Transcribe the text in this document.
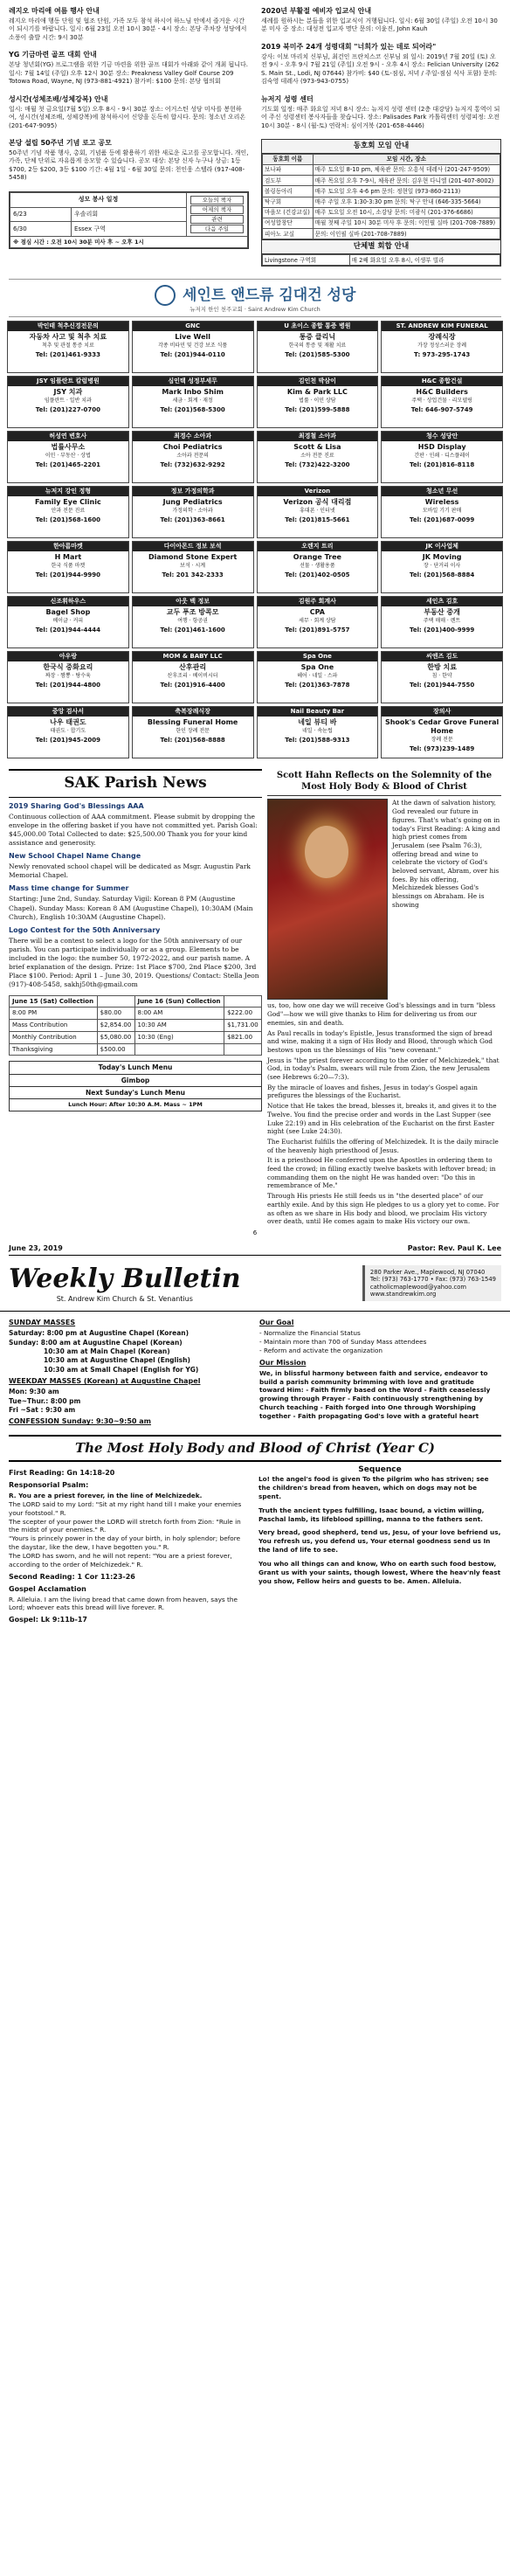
레지오 마리애 여름 행사 안내

레지오 마리애 행동 단원 및 협조 단원, 가족 모두 참석 하시어 하느님 안에서 즐거운 시간이 되시기를 바랍니다. 일시: 6월 23일 오전 10시 30분 - 4시 장소: 본당 주차장 성당에서 소풍이 출발 시간: 9시 30분

YG 기금마련 골프 대회 안내

본당 청년회(YG) 프로그램을 위한 기금 마련을 위한 골프 대회가 아래와 같이 개최 됩니다. 일시: 7월 14일 (주일) 오후 12시 30분 장소: Preakness Valley Golf Course 209 Totowa Road, Wayne, NJ (973-881-4921) 참가비: $100 문의: 본당 협의회

성시간(성체조배/성체강복) 안내

일시: 매월 첫 금요일(7월 5일) 오후 8시 - 9시 30분 장소: 어거스틴 성당 미사를 봉헌하여, 성시간(성체조배, 성체강복)에 참석하시어 신앙을 돈독히 합시다. 문의: 청소년 오리온 (201-647-9095)

본당 설립 50주년 기념 로고 공모

50주년 기념 작품 행사, 총회, 기념품 등에 활용하기 위한 새로운 로고를 공모합니다. 개인, 가족, 단체 단위로 자유롭게 응모할 수 있습니다. 공모 대상: 본당 신자 누구나 상금: 1등 $700, 2등 $200, 3등 $100 기간: 4월 1일 - 6월 30일 문의: 천인웅 스텔라 (917-408-5458)

성모 봉사 일정		오늘의 책자
어제의 책자
관련
다음 주일

6/23	우솔리회	
6/30	Essex 구역	
※ 점심 시간 : 오전 10시 30분 미사 후 ~ 오후 1시		
2020년 부활절 예비자 입교식 안내

세례를 원하시는 분들을 위한 입교식이 거행됩니다. 일시: 6월 30일 (주일) 오전 10시 30분 미사 중 장소: 대성전 입교자 명단 문의: 이윤진, John Kauh

2019 북미주 24개 성령대회 "너희가 있는 데로 되어라"

강사: 이보 마리치 신부님, 최건인 프란치스코 신부님 외 일시: 2019년 7월 20일 (토) 오전 9시 - 오후 9시 7월 21일 (주일) 오전 9시 - 오후 4시 장소: Felician University (262 S. Main St., Lodi, NJ 07644) 참가비: $40 (토-점심, 저녁 / 주일-점심 식사 포함) 문의: 김숙영 데레사 (973-943-0755)

뉴저지 성령 센터

기도회 일정: 매주 화요일 저녁 8시 장소: 뉴저지 성령 센터 (2층 대강당) 뉴저지 통역이 되어 주신 성령센터 봉사자들을 찾습니다. 장소: Palisades Park 카톨릭센터 성령피정: 오전 10시 30분 - 8시 (월-토) 연락처: 심이거북 (201-658-4446)

동호회 모임 안내
동호회 이름	모임 시간, 장소
보나파	매주 토요일 8-10 pm, 체육관 문의: 오흥석 데레사 (201-247-9509)
검도부	매주 목요일 오후 7-9시, 체육관 문의: 김우현 다니엘 (201-407-8002)
볼링동아리	매주 토요일 오후 4-6 pm 문의: 정현일 (973-860-2113)
탁구회	매주 주일 오후 1:30-3:30 pm 문의: 탁구 안내 (646-335-5664)
마을모 (건강교실)	매주 토요일 오전 10시, 소강당 문의: 미광식 (201-376-6686)
여성합창단	매월 첫째 주일 10시 30분 미사 후 문의: 이인필 실바 (201-708-7889)
피아노 교실	문의: 이인필 실바 (201-708-7889)
단체별 회합 안내
Livingstone 구역회	매 2째 화요일 오후 8시, 이생부 빌라
세인트 앤드류 김대건 성당
뉴저지 한인 천주교회 · Saint Andrew Kim Church
박인태 척추신경전문의
자동차 사고 및 척추 치료
척추 및 관절 통증 치료
Tel: (201)461-9333
GNC
Live Well
각종 비타민 및 건강 보조 식품
Tel: (201)944-0110
U 초이스 종합 통증 병원
통증 클리닉
한국의 통증 및 재활 치료
Tel: (201)585-5300
ST. ANDREW KIM FUNERAL
장례식장
가장 정성스러운 장례
T: 973-295-1743
JSY 임플란트 칼럼병원
JSY 치과
임플란트 · 일반 치과
Tel: (201)227-0700
심인택 성정부세무
Mark Inbo Shim
세금 · 회계 · 재정
Tel: (201)568-5300
김인천 박삼이
Kim & Park LLC
법률 · 이민 상담
Tel: (201)599-5888
H&C 종합건설
H&C Builders
주택 · 상업건물 · 리모델링
Tel: 646-907-5749
허성연 변호사
법률사무소
이민 · 부동산 · 상법
Tel: (201)465-2201
최경수 소아과
Choi Pediatrics
소아과 전문의
Tel: (732)632-9292
최경철 소아과
Scott & Lisa
소아 전문 진료
Tel: (732)422-3200
청수 성당안
HSD Display
간판 · 인쇄 · 디스플레이
Tel: (201)816-8118
뉴저지 강인 정형
Family Eye Clinic
안과 전문 진료
Tel: (201)568-1600
정보 가정의학과
Jung Pediatrics
가정의학 · 소아과
Tel: (201)363-8661
Verizon
Verizon 공식 대리점
휴대폰 · 인터넷
Tel: (201)815-5661
청소년 무선
Wireless
모바일 기기 판매
Tel: (201)687-0099
한아름마켓
H Mart
한국 식품 마켓
Tel: (201)944-9990
다이아몬드 정보 보석
Diamond Stone Expert
보석 · 시계
Tel: 201 342-2333
오렌지 트리
Orange Tree
선물 · 생활용품
Tel: (201)402-0505
JK 이사업체
JK Moving
장 · 단거리 이사
Tel: (201)568-8884
신조휘하우스
Bagel Shop
베이글 · 커피
Tel: (201)944-4444
아웃 백 정보
교두 푸조 방콕모
여행 · 항공권
Tel: (201)461-1600
김원주 회계사
CPA
세무 · 회계 상담
Tel: (201)891-5757
세인츠 김호
부동산 중개
주택 매매 · 렌트
Tel: (201)400-9999
아우랑
한국식 중화요리
짜장 · 짬뽕 · 탕수육
Tel: (201)944-4800
MOM & BABY LLC
산후관리
산후조리 · 베이비시터
Tel: (201)916-4400
Spa One
Spa One
헤어 · 네일 · 스파
Tel: (201)363-7878
씨엔즈 김도
한방 치료
침 · 한약
Tel: (201)944-7550
중앙 검사서
나우 태권도
태권도 · 합기도
Tel: (201)945-2009
축복장례식장
Blessing Funeral Home
한인 장례 전문
Tel: (201)568-8888
Nail Beauty Bar
네일 뷰티 바
네일 · 속눈썹
Tel: (201)588-9313
장의사
Shook's Cedar Grove Funeral Home
장례 전문
Tel: (973)239-1489
SAK Parish News
2019 Sharing God's Blessings AAA

Continuous collection of AAA commitment. Please submit by dropping the envelope in the offering basket if you have not committed yet. Parish Goal: $45,000.00 Total Collected to date: $25,500.00 Thank you for your kind assistance and generosity.

New School Chapel Name Change

Newly renovated school chapel will be dedicated as Msgr. Augustin Park Memorial Chapel.

Mass time change for Summer

Starting: June 2nd, Sunday. Saturday Vigil: Korean 8 PM (Augustine Chapel). Sunday Mass: Korean 8 AM (Augustine Chapel), 10:30AM (Main Church), English 10:30AM (Augustine Chapel).

Logo Contest for the 50th Anniversary

There will be a contest to select a logo for the 50th anniversary of our parish. You can participate individually or as a group. Elements to be included in the logo: the number 50, 1972-2022, and our parish name. A brief explanation of the design. Prize: 1st Place $700, 2nd Place $200, 3rd Place $100. Period: April 1 – June 30, 2019. Questions/ Contact: Stella Jeon (917)-408-5458, sakhj50th@gmail.com

June 15 (Sat) Collection		June 16 (Sun) Collection	
8:00 PM	$80.00	8:00 AM	$222.00
Mass Contribution	$2,854.00	10:30 AM	$1,731.00
Monthly Contribution	$5,080.00	10:30 (Eng)	$821.00
Thanksgiving	$500.00		
Today's Lunch Menu
Gimbop
Next Sunday's Lunch Menu
Lunch Hour: After 10:30 A.M. Mass ~ 1PM
Scott Hahn Reflects on the Solemnity of the Most Holy Body & Blood of Christ

At the dawn of salvation history, God revealed our future in figures. That's what's going on in today's First Reading: A king and high priest comes from Jerusalem (see Psalm 76:3), offering bread and wine to celebrate the victory of God's beloved servant, Abram, over his foes. By his offering, Melchizedek blesses God's blessings on Abraham. He is showing

us, too, how one day we will receive God's blessings and in turn "bless God"—how we will give thanks to Him for delivering us from our enemies, sin and death.

As Paul recalls in today's Epistle, Jesus transformed the sign of bread and wine, making it a sign of His Body and Blood, through which God bestows upon us the blessings of His "new covenant."

Jesus is "the priest forever according to the order of Melchizedek," that God, in today's Psalm, swears will rule from Zion, the new Jerusalem (see Hebrews 6:20—7:3).

By the miracle of loaves and fishes, Jesus in today's Gospel again prefigures the blessings of the Eucharist.

Notice that He takes the bread, blesses it, breaks it, and gives it to the Twelve. You find the precise order and words in the Last Supper (see Luke 22:19) and in His celebration of the Eucharist on the first Easter night (see Luke 24:30).

The Eucharist fulfills the offering of Melchizedek. It is the daily miracle of the heavenly high priesthood of Jesus.

It is a priesthood He conferred upon the Apostles in ordering them to feed the crowd; in filling exactly twelve baskets with leftover bread; in commanding them on the night He was handed over: "Do this in remembrance of Me."

Through His priests He still feeds us in "the deserted place" of our earthly exile. And by this sign He pledges to us a glory yet to come. For as often as we share in His body and blood, we proclaim His victory over death, until He comes again to make His victory our own.

6
June 23, 2019	Pastor: Rev. Paul K. Lee
Weekly Bulletin
St. Andrew Kim Church & St. Venantius
280 Parker Ave., Maplewood, NJ 07040
Tel: (973) 763-1770 • Fax: (973) 763-1549
catholicmaplewood@yahoo.com
www.standrewkim.org
SUNDAY MASSES
Saturday: 8:00 pm at Augustine Chapel (Korean)
Sunday: 8:00 am at Augustine Chapel (Korean)
10:30 am at Main Chapel (Korean)
10:30 am at Augustine Chapel (English)
10:30 am at Small Chapel (English for YG)
WEEKDAY MASSES (Korean) at Augustine Chapel
Mon: 9:30 am
Tue~Thur.: 8:00 pm
Fri ~Sat : 9:30 am
CONFESSION Sunday: 9:30~9:50 am
Our Goal

- Normalize the Financial Status

- Maintain more than 700 of Sunday Mass attendees

- Reform and activate the organization

Our Mission

We, in blissful harmony between faith and service, endeavor to build a parish community brimming with love and gratitude toward Him: - Faith firmly based on the Word - Faith ceaselessly growing through Prayer - Faith continuously strengthening by Church teaching - Faith forged into One through Worshiping together - Faith propagating God's love with a grateful heart

The Most Holy Body and Blood of Christ (Year C)
First Reading: Gn 14:18-20
Responsorial Psalm:

R. You are a priest forever, in the line of Melchizedek.

The LORD said to my Lord: "Sit at my right hand till I make your enemies your footstool." R.

The scepter of your power the LORD will stretch forth from Zion: "Rule in the midst of your enemies." R.

"Yours is princely power in the day of your birth, in holy splendor; before the daystar, like the dew, I have begotten you." R.

The LORD has sworn, and he will not repent: "You are a priest forever, according to the order of Melchizedek." R.

Second Reading: 1 Cor 11:23-26
Gospel Acclamation

R. Alleluia. I am the living bread that came down from heaven, says the Lord; whoever eats this bread will live forever. R.

Gospel: Lk 9:11b-17
Sequence

Lo! the angel's food is given To the pilgrim who has striven; see the children's bread from heaven, which on dogs may not be spent.

Truth the ancient types fulfilling, Isaac bound, a victim willing, Paschal lamb, its lifeblood spilling, manna to the fathers sent.

Very bread, good shepherd, tend us, Jesu, of your love befriend us, You refresh us, you defend us, Your eternal goodness send us In the land of life to see.

You who all things can and know, Who on earth such food bestow, Grant us with your saints, though lowest, Where the heav'nly feast you show, Fellow heirs and guests to be. Amen. Alleluia.
